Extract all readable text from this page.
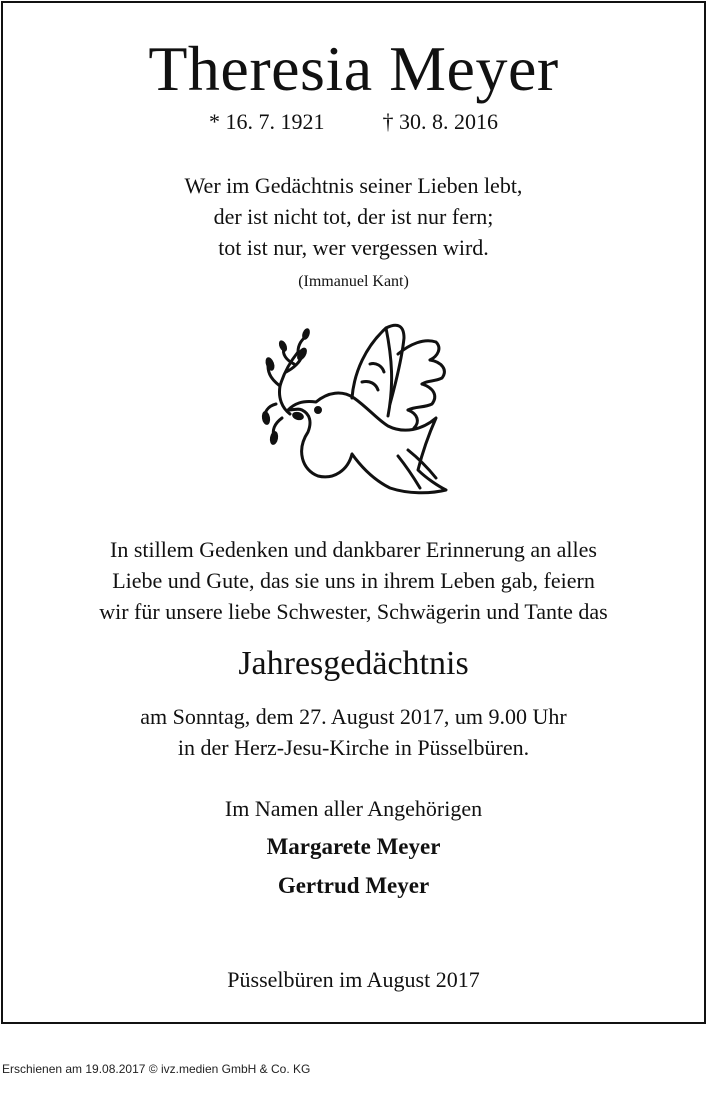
Theresia Meyer
* 16. 7. 1921	† 30. 8. 2016
Wer im Gedächtnis seiner Lieben lebt,
der ist nicht tot, der ist nur fern;
tot ist nur, wer vergessen wird.
(Immanuel Kant)
In stillem Gedenken und dankbarer Erinnerung an alles
Liebe und Gute, das sie uns in ihrem Leben gab, feiern
wir für unsere liebe Schwester, Schwägerin und Tante das
Jahresgedächtnis
am Sonntag, dem 27. August 2017, um 9.00 Uhr
in der Herz-Jesu-Kirche in Püsselbüren.
Im Namen aller Angehörigen
Margarete Meyer
Gertrud Meyer
Püsselbüren im August 2017
Erschienen am 19.08.2017 © ivz.medien GmbH & Co. KG
